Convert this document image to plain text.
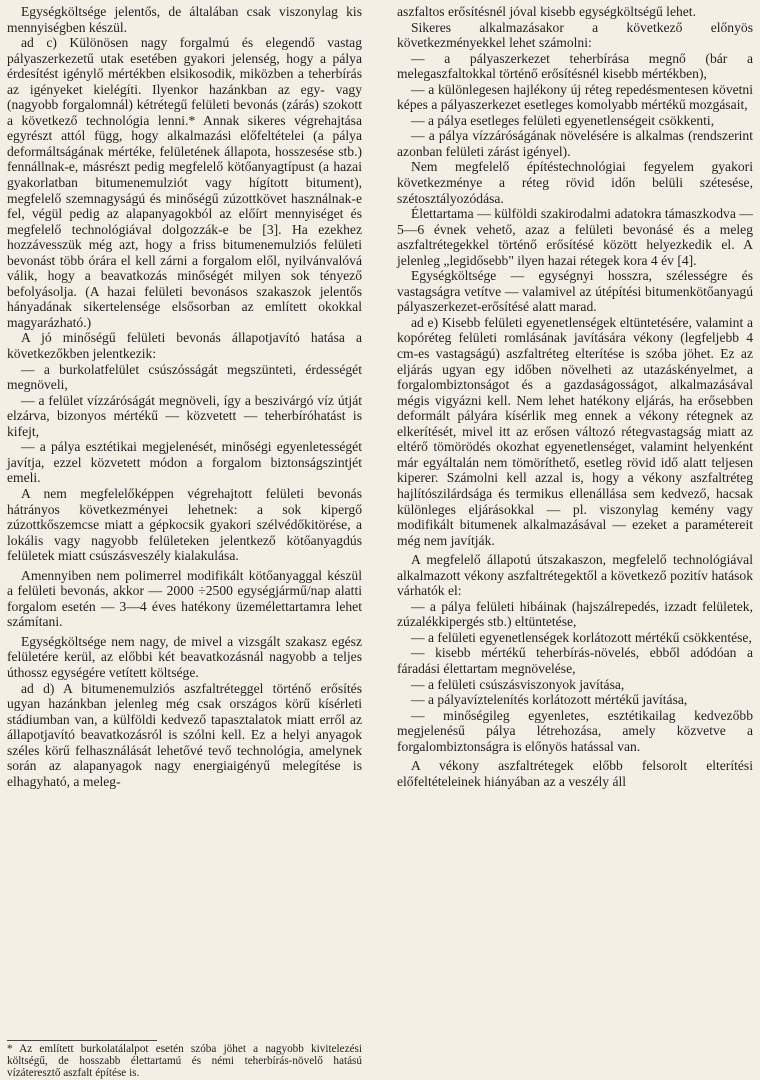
Egységköltsége jelentős, de általában csak viszonylag kis mennyiségben készül.

ad c) Különösen nagy forgalmú és elegendő vastag pályaszerkezetű utak esetében gyakori jelenség, hogy a pálya érdesítést igénylő mértékben elsikosodik, miközben a teherbírás az igényeket kielégíti. Ilyenkor hazánkban az egy- vagy (nagyobb forgalomnál) kétrétegű felületi bevonás (zárás) szokott a következő technológia lenni.* Annak sikeres végrehajtása egyrészt attól függ, hogy alkalmazási előfeltételei (a pálya deformáltságának mértéke, felületének állapota, hosszesése stb.) fennállnak-e, másrészt pedig megfelelő kötőanyagtípust (a hazai gyakorlatban bitumenemulziót vagy hígított bitument), megfelelő szemnagyságú és minőségű zúzottkövet használnak-e fel, végül pedig az alapanyagokból az előírt mennyiséget és megfelelő technológiával dolgozzák-e be [3]. Ha ezekhez hozzávesszük még azt, hogy a friss bitumenemulziós felületi bevonást több órára el kell zárni a forgalom elől, nyilvánvalóvá válik, hogy a beavatkozás minőségét milyen sok tényező befolyásolja. (A hazai felületi bevonásos szakaszok jelentős hányadának sikertelensége elsősorban az említett okokkal magyarázható.)

A jó minőségű felületi bevonás állapotjavító hatása a következőkben jelentkezik:

— a burkolatfelület csúszósságát megszünteti, érdességét megnöveli,

— a felület vízzáróságát megnöveli, így a beszivárgó víz útját elzárva, bizonyos mértékű — közvetett — teherbíróhatást is kifejt,

— a pálya esztétikai megjelenését, minőségi egyenletességét javítja, ezzel közvetett módon a forgalom biztonságszintjét emeli.

A nem megfelelőképpen végrehajtott felületi bevonás hátrányos következményei lehetnek: a sok kipergő zúzottkőszemcse miatt a gépkocsik gyakori szélvédőkitörése, a lokális vagy nagyobb felületeken jelentkező kötőanyagdús felületek miatt csúszásveszély kialakulása.

Amennyiben nem polimerrel modifikált kötőanyaggal készül a felületi bevonás, akkor — 2000 ÷2500 egységjármű/nap alatti forgalom esetén — 3—4 éves hatékony üzemélettartamra lehet számítani.

Egységköltsége nem nagy, de mivel a vizsgált szakasz egész felületére kerül, az előbbi két beavatkozásnál nagyobb a teljes úthossz egységére vetített költsége.

ad d) A bitumenemulziós aszfaltréteggel történő erősítés ugyan hazánkban jelenleg még csak országos körű kísérleti stádiumban van, a külföldi kedvező tapasztalatok miatt erről az állapotjavító beavatkozásról is szólni kell. Ez a helyi anyagok széles körű felhasználását lehetővé tevő technológia, amelynek során az alapanyagok nagy energiaigényű melegítése is elhagyható, a meleg-

aszfaltos erősítésnél jóval kisebb egységköltségű lehet.

Sikeres alkalmazásakor a következő előnyös következményekkel lehet számolni:

— a pályaszerkezet teherbírása megnő (bár a melegaszfaltokkal történő erősítésnél kisebb mértékben),

— a különlegesen hajlékony új réteg repedésmentesen követni képes a pályaszerkezet esetleges komolyabb mértékű mozgásait,

— a pálya esetleges felületi egyenetlenségeit csökkenti,

— a pálya vízzáróságának növelésére is alkalmas (rendszerint azonban felületi zárást igényel).

Nem megfelelő építéstechnológiai fegyelem gyakori következménye a réteg rövid időn belüli szétesése, szétosztályozódása.

Élettartama — külföldi szakirodalmi adatokra támaszkodva — 5—6 évnek vehető, azaz a felületi bevonásé és a meleg aszfaltrétegekkel történő erősítésé között helyezkedik el. A jelenleg „legidősebb" ilyen hazai rétegek kora 4 év [4].

Egységköltsége — egységnyi hosszra, szélességre és vastagságra vetítve — valamivel az útépítési bitumenkötőanyagú pályaszerkezet-erősítésé alatt marad.

ad e) Kisebb felületi egyenetlenségek eltüntetésére, valamint a kopóréteg felületi romlásának javítására vékony (legfeljebb 4 cm-es vastagságú) aszfaltréteg elterítése is szóba jöhet. Ez az eljárás ugyan egy időben növelheti az utazáskényelmet, a forgalombiztonságot és a gazdaságosságot, alkalmazásával mégis vigyázni kell. Nem lehet hatékony eljárás, ha erősebben deformált pályára kísérlik meg ennek a vékony rétegnek az elkerítését, mivel itt az erősen változó rétegvastagság miatt az eltérő tömörödés okozhat egyenetlenséget, valamint helyenként már egyáltalán nem tömöríthető, esetleg rövid idő alatt teljesen kiperег. Számolni kell azzal is, hogy a vékony aszfaltréteg hajlítószilárdsága és termikus ellenállása sem kedvező, hacsak különleges eljárásokkal — pl. viszonylag kemény vagy modifikált bitumenek alkalmazásával — ezeket a paramétereit még nem javítják.

A megfelelő állapotú útszakaszon, megfelelő technológiával alkalmazott vékony aszfaltrétegektől a következő pozitív hatások várhatók el:

— a pálya felületi hibáinak (hajszálrepedés, izzadt felületek, zúzalékkipergés stb.) eltüntetése,

— a felületi egyenetlenségek korlátozott mértékű csökkentése,

— kisebb mértékű teherbírás-növelés, ebből adódóan a fáradási élettartam megnövelése,

— a felületi csúszásviszonyok javítása,

— a pályavíztelenítés korlátozott mértékű javítása,

— minőségileg egyenletes, esztétikailag kedvezőbb megjelenésű pálya létrehozása, amely közvetve a forgalombiztonságra is előnyös hatással van.

A vékony aszfaltrétegek előbb felsorolt elterítési előfeltételeinek hiányában az a veszély áll

* Az említett burkolatálalpot esetén szóba jöhet a nagyobb kivitelezési költségű, de hosszabb élettartamú és némi teherbírás-növelő hatású vízáteresztő aszfalt építése is.
